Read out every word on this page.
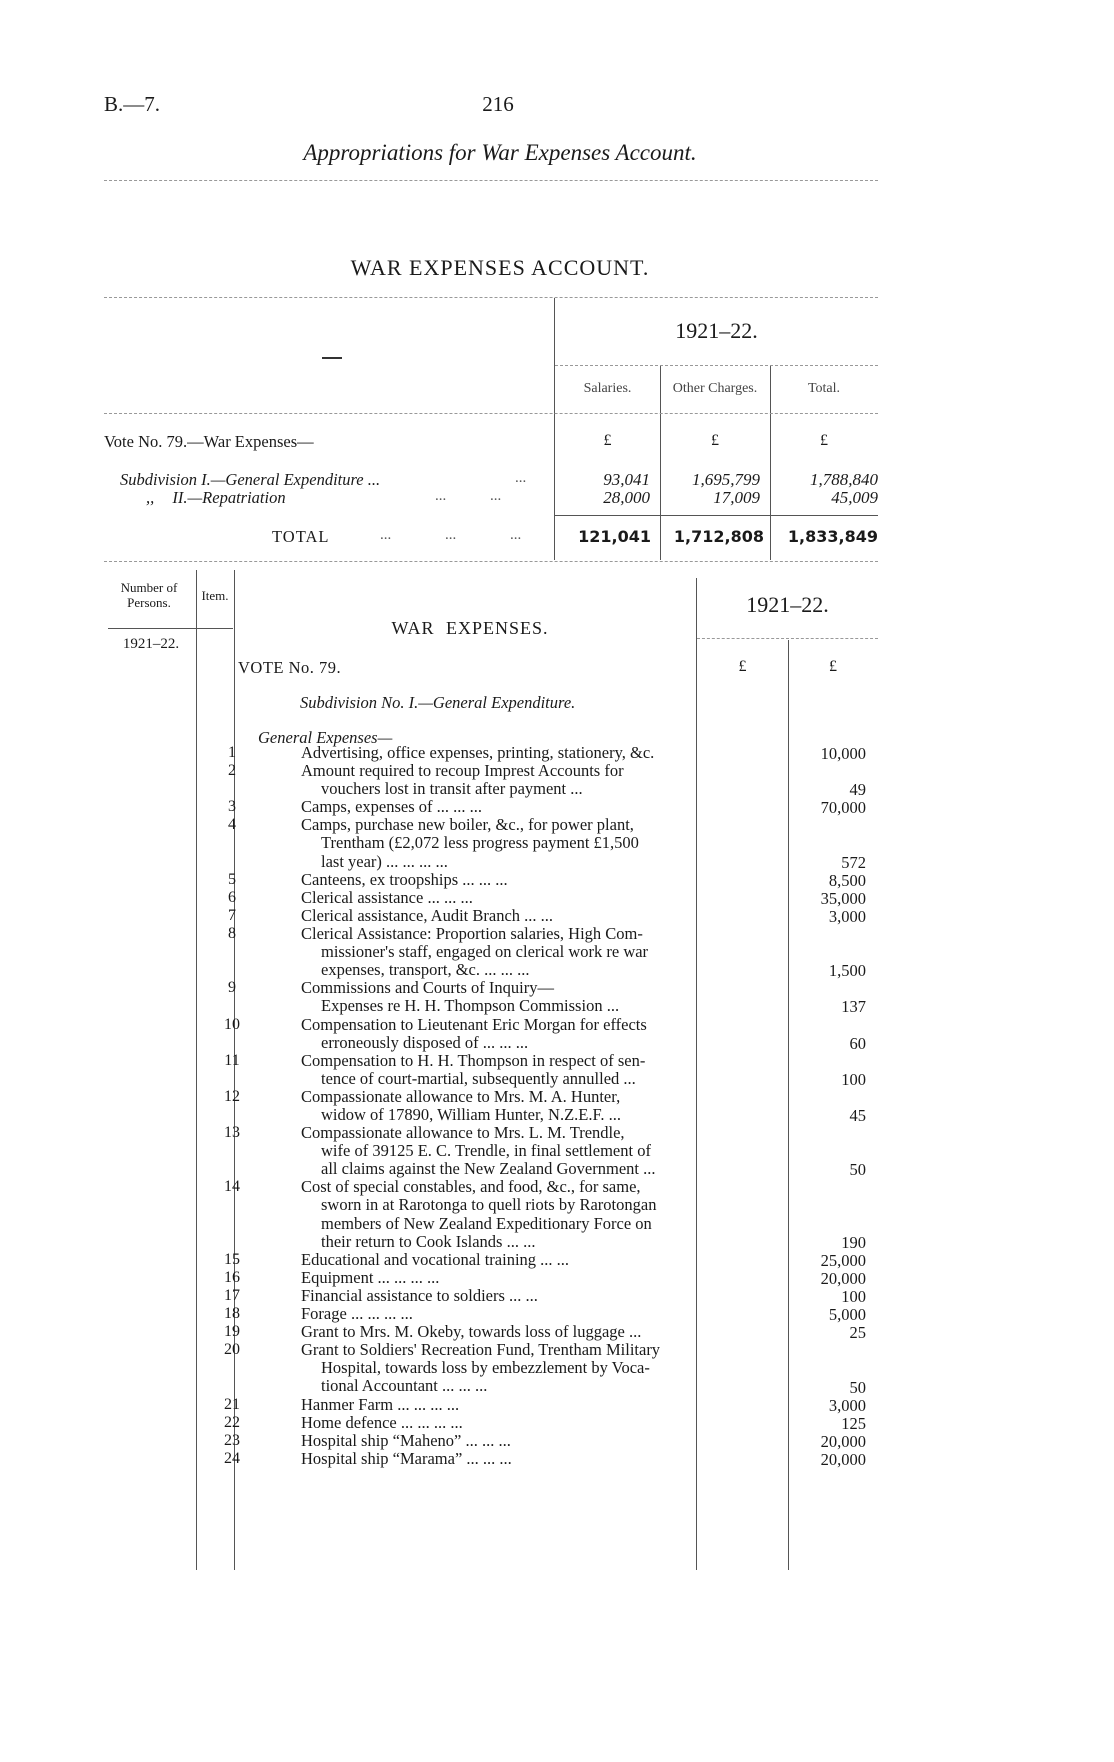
B.—7.	216
Appropriations for War Expenses Account.
WAR EXPENSES ACCOUNT.
1921–22.
Salaries.	Other Charges.	Total.
Vote No. 79.—War Expenses—	£	£	£
Subdivision I.—General Expenditure ...	...	93,041	1,695,799	1,788,840
,, II.—Repatriation	... ...	28,000	17,009	45,009
TOTAL	... ... ...	121,041	1,712,808	1,833,849
Number of Persons.	Item.
1921–22.
WAR EXPENSES.
1921–22.
£	£
VOTE No. 79.
Subdivision No. I.—General Expenditure.
General Expenses—
1	Advertising, office expenses, printing, stationery, &c.	10,000
2	Amount required to recoup Imprest Accounts for
vouchers lost in transit after payment ...	49
3	Camps, expenses of ... ... ...	70,000
4	Camps, purchase new boiler, &c., for power plant,
Trentham (£2,072 less progress payment £1,500
last year) ... ... ... ...	572
5	Canteens, ex troopships ... ... ...	8,500
6	Clerical assistance ... ... ...	35,000
7	Clerical assistance, Audit Branch ... ...	3,000
8	Clerical Assistance: Proportion salaries, High Com-
missioner's staff, engaged on clerical work re war
expenses, transport, &c. ... ... ...	1,500
9	Commissions and Courts of Inquiry—
Expenses re H. H. Thompson Commission ...	137
10	Compensation to Lieutenant Eric Morgan for effects
erroneously disposed of ... ... ...	60
11	Compensation to H. H. Thompson in respect of sen-
tence of court-martial, subsequently annulled ...	100
12	Compassionate allowance to Mrs. M. A. Hunter,
widow of 17890, William Hunter, N.Z.E.F. ...	45
13	Compassionate allowance to Mrs. L. M. Trendle,
wife of 39125 E. C. Trendle, in final settlement of
all claims against the New Zealand Government ...	50
14	Cost of special constables, and food, &c., for same,
sworn in at Rarotonga to quell riots by Rarotongan
members of New Zealand Expeditionary Force on
their return to Cook Islands ... ...	190
15	Educational and vocational training ... ...	25,000
16	Equipment ... ... ... ...	20,000
17	Financial assistance to soldiers ... ...	100
18	Forage ... ... ... ...	5,000
19	Grant to Mrs. M. Okeby, towards loss of luggage ...	25
20	Grant to Soldiers' Recreation Fund, Trentham Military
Hospital, towards loss by embezzlement by Voca-
tional Accountant ... ... ...	50
21	Hanmer Farm ... ... ... ...	3,000
22	Home defence ... ... ... ...	125
23	Hospital ship “Maheno” ... ... ...	20,000
24	Hospital ship “Marama” ... ... ...	20,000
